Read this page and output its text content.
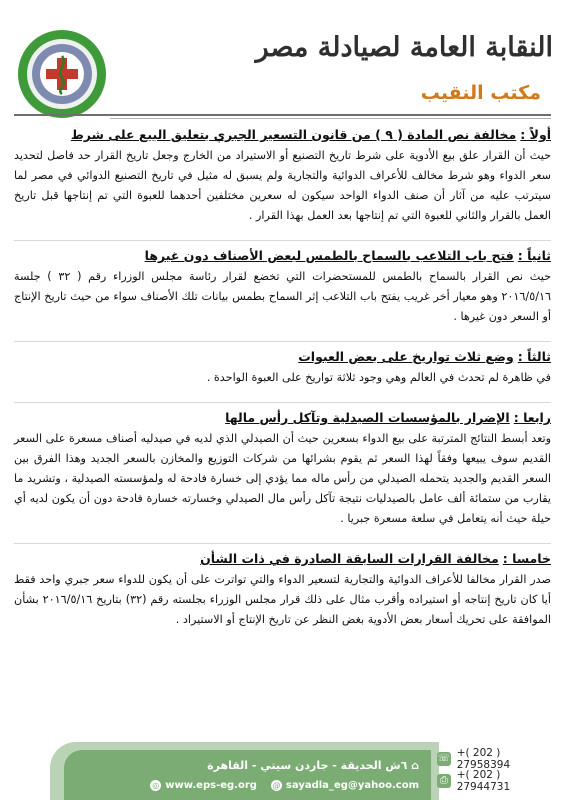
النقابة العامة لصيادلة مصر
مكتب النقيب
أولاً :
مخالفة نص المادة ( ٩ ) من قانون التسعير الجبري بتعليق البيع على شرط

حيث أن القرار علق بيع الأدوية على شرط تاريخ التصنيع أو الاستيراد من الخارج وجعل تاريخ القرار حد فاصل لتحديد سعر الدواء وهو شرط مخالف للأعراف الدوائية والتجارية ولم يسبق له مثيل في تاريخ التصنيع الدوائي في مصر لما سيترتب عليه من آثار أن صنف الدواء الواحد سيكون له سعرين مختلفين أحدهما للعبوة التي تم إنتاجها قبل تاريخ العمل بالقرار والثاني للعبوة التي تم إنتاجها بعد العمل بهذا القرار .

ثانياً :
فتح باب التلاعب بالسماح بالطمس لبعض الأصناف دون غيرها

حيث نص القرار بالسماح بالطمس للمستحضرات التي تخضع لقرار رئاسة مجلس الوزراء رقم ( ٣٢ ) جلسة ٢٠١٦/٥/١٦ وهو معيار أخر غريب يفتح باب التلاعب إثر السماح بطمس بيانات تلك الأصناف سواء من حيث تاريخ الإنتاج أو السعر دون غيرها .

ثالثاً :
وضع ثلاث تواريخ على بعض العبوات

في ظاهرة لم تحدث في العالم وهي وجود ثلاثة تواريخ على العبوة الواحدة .

رابعا :
الإضرار بالمؤسسات الصيدلية وتآكل رأس مالها

وتعد أبسط النتائج المترتبة على بيع الدواء بسعرين حيث أن الصيدلي الذي لديه في صيدليه أصناف مسعرة على السعر القديم سوف يبيعها وفقاً لهذا السعر ثم يقوم بشرائها من شركات التوزيع والمخازن بالسعر الجديد وهذا الفرق بين السعر القديم والجديد يتحمله الصيدلي من رأس ماله مما يؤدي إلى خسارة فادحة له ولمؤسسته الصيدلية ، وتشريد ما يقارب من ستمائة ألف عامل بالصيدليات نتيجة تآكل رأس مال الصيدلي وخسارته خسارة فادحة دون أن يكون لديه أي حيلة حيث أنه يتعامل في سلعة مسعرة جبريا .

خامسا :
مخالفة القرارات السابقة الصادرة في ذات الشأن

صدر القرار مخالفا للأعراف الدوائية والتجارية لتسعير الدواء والتي تواترت على أن يكون للدواء سعر جبري واحد فقط أيا كان تاريخ إنتاجه أو استيراده وأقرب مثال على ذلك قرار مجلس الوزراء بجلسته رقم (٣٢) بتاريخ ٢٠١٦/٥/١٦ بشأن الموافقة على تحريك أسعار بعض الأدوية بغض النظر عن تاريخ الإنتاج أو الاستيراد .

⌂ ٦ش الحديقة - جاردن سيتي - القاهرة
◎ www.eps-eg.org @ sayadla_eg@yahoo.com
☏ +( 202 ) 27958394
⎙ +( 202 ) 27944731
